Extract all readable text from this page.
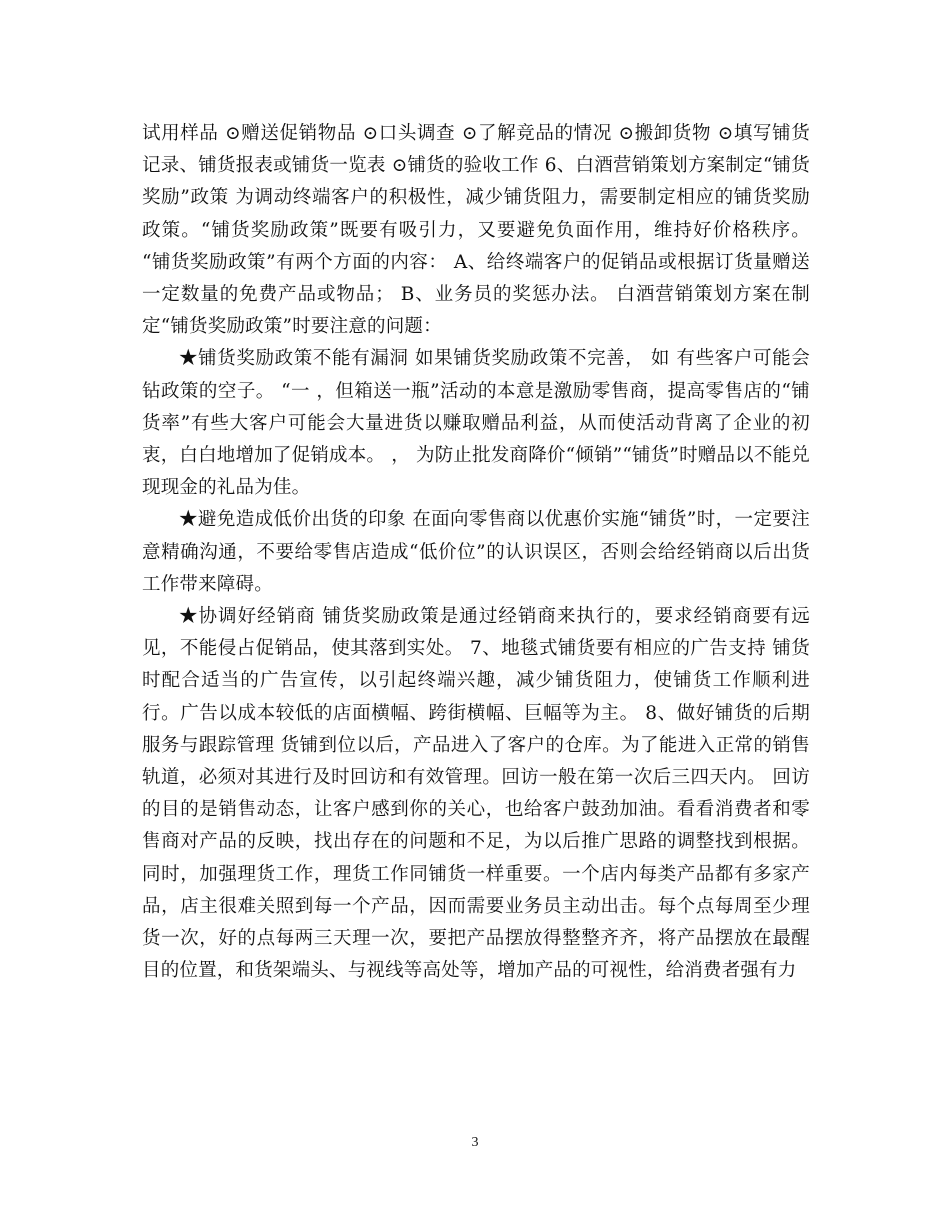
试用样品 ⊙赠送促销物品 ⊙口头调查 ⊙了解竞品的情况 ⊙搬卸货物 ⊙填写铺货记录、铺货报表或铺货一览表 ⊙铺货的验收工作 6、白酒营销策划方案制定“铺货奖励”政策 为调动终端客户的积极性，减少铺货阻力，需要制定相应的铺货奖励政策。“铺货奖励政策”既要有吸引力，又要避免负面作用，维持好价格秩序。 “铺货奖励政策”有两个方面的内容： A、给终端客户的促销品或根据订货量赠送一定数量的免费产品或物品； B、业务员的奖惩办法。 白酒营销策划方案在制定“铺货奖励政策”时要注意的问题：

★铺货奖励政策不能有漏洞 如果铺货奖励政策不完善， 如 有些客户可能会钻政策的空子。 “一 ，但箱送一瓶”活动的本意是激励零售商，提高零售店的“铺货率”有些大客户可能会大量进货以赚取赠品利益，从而使活动背离了企业的初衷，白白地增加了促销成本。 ， 为防止批发商降价“倾销”“铺货”时赠品以不能兑现现金的礼品为佳。

★避免造成低价出货的印象 在面向零售商以优惠价实施“铺货”时，一定要注意精确沟通，不要给零售店造成“低价位”的认识误区，否则会给经销商以后出货工作带来障碍。

★协调好经销商 铺货奖励政策是通过经销商来执行的，要求经销商要有远见，不能侵占促销品，使其落到实处。 7、地毯式铺货要有相应的广告支持 铺货时配合适当的广告宣传，以引起终端兴趣，减少铺货阻力，使铺货工作顺利进行。广告以成本较低的店面横幅、跨街横幅、巨幅等为主。 8、做好铺货的后期服务与跟踪管理 货铺到位以后，产品进入了客户的仓库。为了能进入正常的销售轨道，必须对其进行及时回访和有效管理。回访一般在第一次后三四天内。 回访的目的是销售动态，让客户感到你的关心，也给客户鼓劲加油。看看消费者和零售商对产品的反映，找出存在的问题和不足，为以后推广思路的调整找到根据。 同时，加强理货工作，理货工作同铺货一样重要。一个店内每类产品都有多家产品，店主很难关照到每一个产品，因而需要业务员主动出击。每个点每周至少理货一次，好的点每两三天理一次，要把产品摆放得整整齐齐，将产品摆放在最醒目的位置，和货架端头、与视线等高处等，增加产品的可视性，给消费者强有力

3
